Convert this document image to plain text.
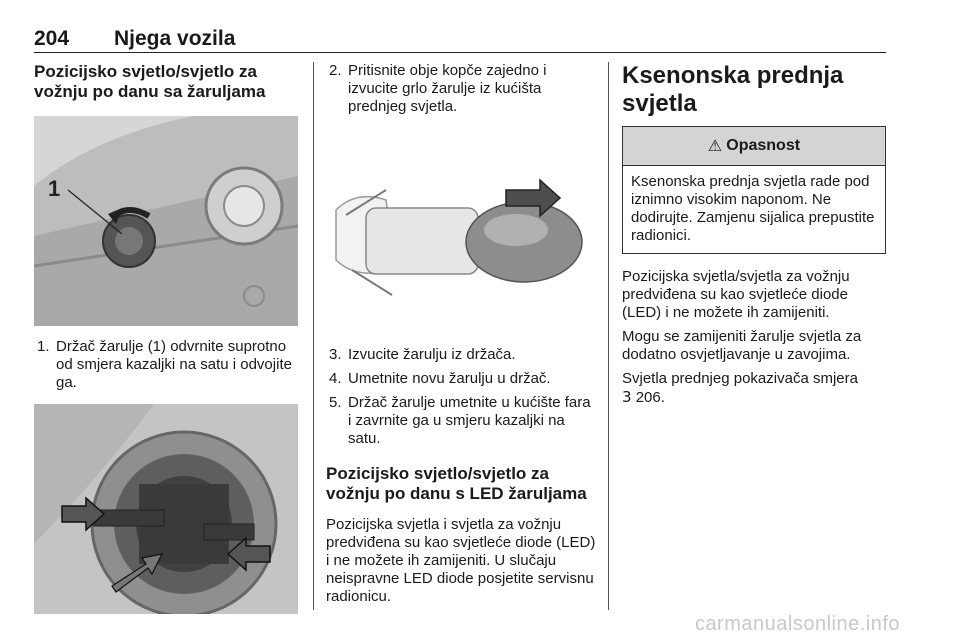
204 Njega vozila
Pozicijsko svjetlo/svjetlo za vožnju po danu sa žaruljama
1
1. Držač žarulje (1) odvrnite suprotno od smjera kazaljki na satu i odvojite ga.
2. Pritisnite obje kopče zajedno i izvucite grlo žarulje iz kućišta prednjeg svjetla.
3. Izvucite žarulju iz držača.
4. Umetnite novu žarulju u držač.
5. Držač žarulje umetnite u kućište fara i zavrnite ga u smjeru kazaljki na satu.
Pozicijsko svjetlo/svjetlo za vožnju po danu s LED žaruljama

Pozicijska svjetla i svjetla za vožnju predviđena su kao svjetleće diode (LED) i ne možete ih zamijeniti. U slučaju neispravne LED diode posjetite servisnu radionicu.

Ksenonska prednja svjetla
⚠ Opasnost
Ksenonska prednja svjetla rade pod iznimno visokim naponom. Ne dodirujte. Zamjenu sijalica prepustite radionici.

Pozicijska svjetla/svjetla za vožnju predviđena su kao svjetleće diode (LED) i ne možete ih zamijeniti.

Mogu se zamijeniti žarulje svjetla za dodatno osvjetljavanje u zavojima.

Svjetla prednjeg pokazivača smjera
3 206.

carmanualsonline.info
